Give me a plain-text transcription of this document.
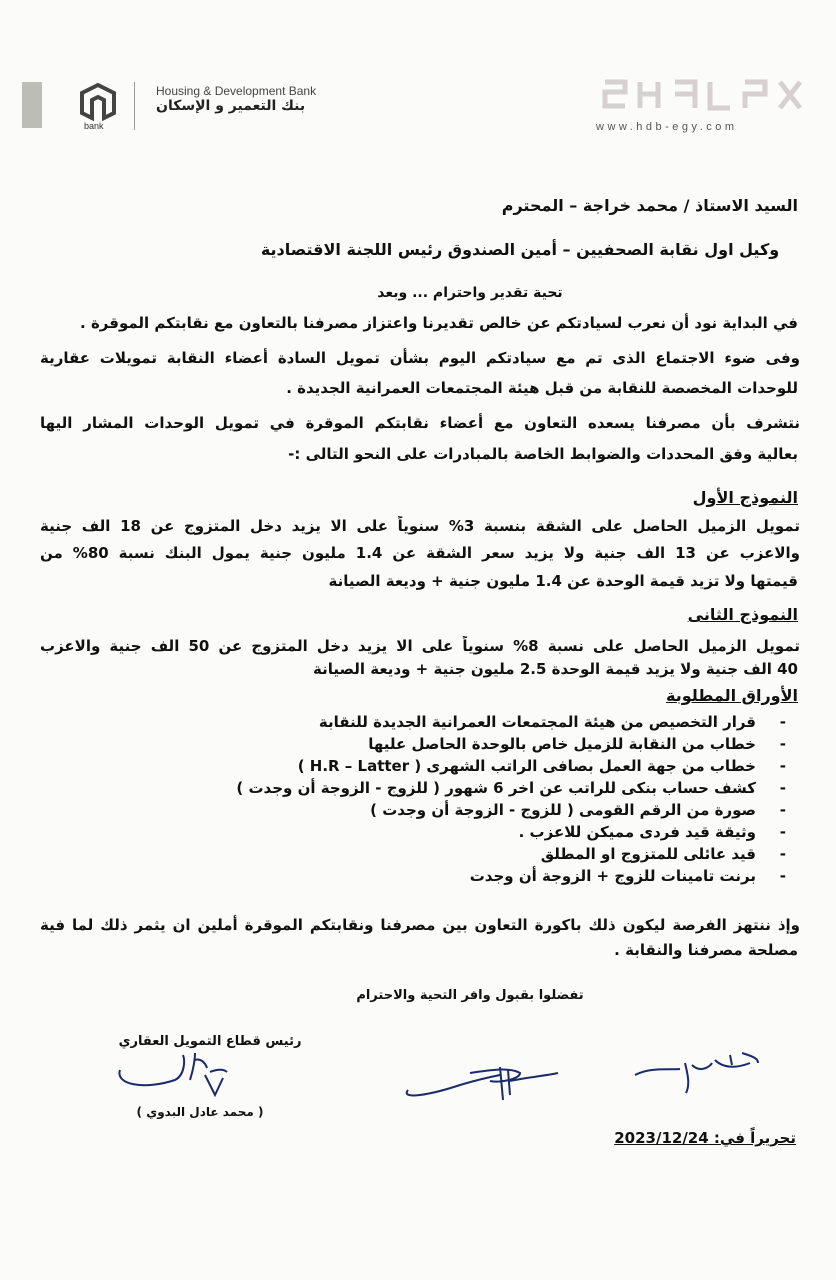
bank
Housing & Development Bank
بنك التعمير و الإسكان
www.hdb-egy.com
السيد الاستاذ / محمد خراجة – المحترم
وكيل اول نقابة الصحفيين – أمين الصندوق رئيس اللجنة الاقتصادية
تحية تقدير واحترام ... وبعد
في البداية نود أن نعرب لسيادتكم عن خالص تقديرنا واعتزاز مصرفنا بالتعاون مع نقابتكم الموقرة .
وفى ضوء الاجتماع الذى تم مع سيادتكم اليوم بشأن تمويل السادة أعضاء النقابة تمويلات عقارية
للوحدات المخصصة للنقابة من قبل هيئة المجتمعات العمرانية الجديدة .
نتشرف بأن مصرفنا يسعده التعاون مع أعضاء نقابتكم الموقرة في تمويل الوحدات المشار اليها
بعالية وفق المحددات والضوابط الخاصة بالمبادرات على النحو التالى :-
النموذج الأول
تمويل الزميل الحاصل على الشقة بنسبة 3% سنوياً على الا يزيد دخل المتزوج عن 18 الف جنية
والاعزب عن 13 الف جنية ولا يزيد سعر الشقة عن 1.4 مليون جنية يمول البنك نسبة 80% من
قيمتها ولا تزيد قيمة الوحدة عن 1.4 مليون جنية + وديعة الصيانة
النموذج الثانى
تمويل الزميل الحاصل على نسبة 8% سنوياً على الا يزيد دخل المتزوج عن 50 الف جنية والاعزب
40 الف جنية ولا يزيد قيمة الوحدة 2.5 مليون جنية + وديعة الصيانة
الأوراق المطلوبة
-قرار التخصيص من هيئة المجتمعات العمرانية الجديدة للنقابة
-خطاب من النقابة للزميل خاص بالوحدة الحاصل عليها
-خطاب من جهة العمل بصافى الراتب الشهرى ( H.R – Latter )
-كشف حساب بنكى للراتب عن اخر 6 شهور ( للزوج - الزوجة أن وجدت )
-صورة من الرقم القومى ( للزوج - الزوجة أن وجدت )
-وثيقة قيد فردى مميكن للاعزب .
-قيد عائلى للمتزوج او المطلق
-برنت تامينات للزوج + الزوجة أن وجدت
وإذ ننتهز الفرصة ليكون ذلك باكورة التعاون بين مصرفنا ونقابتكم الموقرة أملين ان يثمر ذلك لما فية
مصلحة مصرفنا والنقابة .
تفضلوا بقبول وافر التحية والاحترام
رئيس قطاع التمويل العقاري
( محمد عادل البدوي )
تحريراً في: 2023/12/24
